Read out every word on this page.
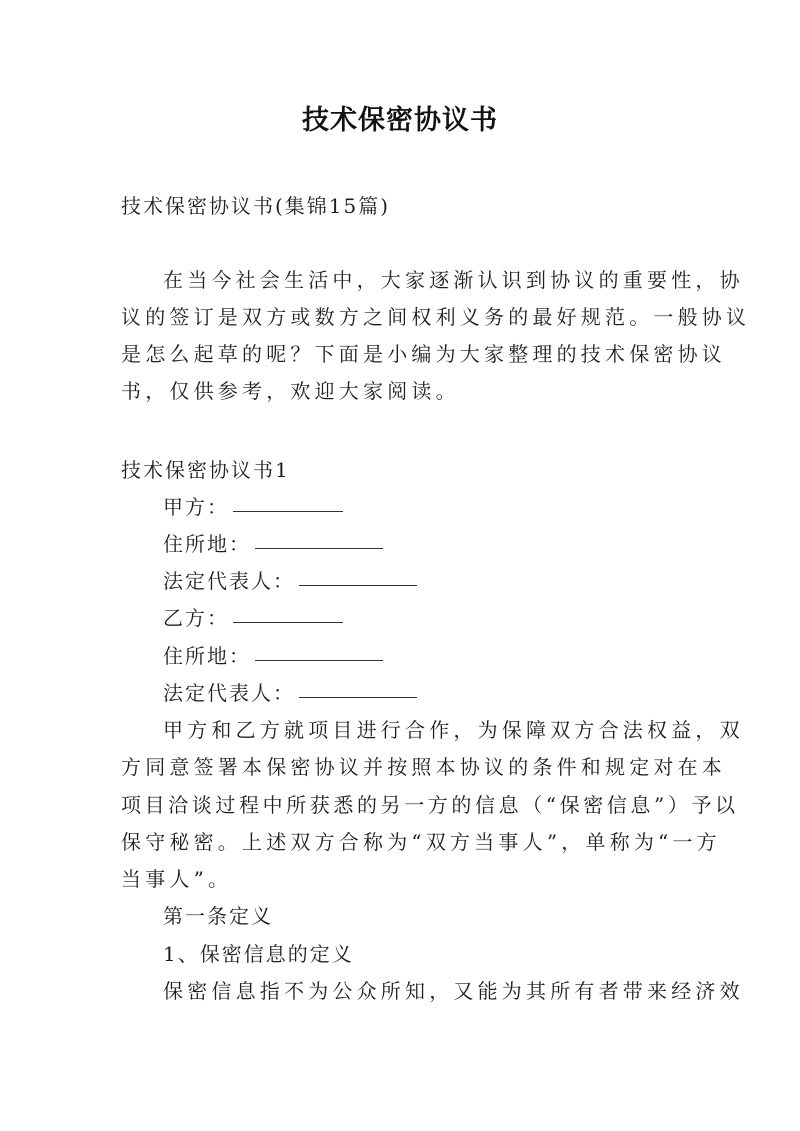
技术保密协议书
技术保密协议书(集锦15篇)
在当今社会生活中，大家逐渐认识到协议的重要性，协
议的签订是双方或数方之间权利义务的最好规范。一般协议
是怎么起草的呢？下面是小编为大家整理的技术保密协议
书，仅供参考，欢迎大家阅读。
技术保密协议书1
甲方：
住所地：
法定代表人：
乙方：
住所地：
法定代表人：
甲方和乙方就项目进行合作，为保障双方合法权益，双
方同意签署本保密协议并按照本协议的条件和规定对在本
项目洽谈过程中所获悉的另一方的信息（“保密信息”）予以
保守秘密。上述双方合称为“双方当事人”，单称为“一方
当事人”。
第一条定义
1、保密信息的定义
保密信息指不为公众所知，又能为其所有者带来经济效
